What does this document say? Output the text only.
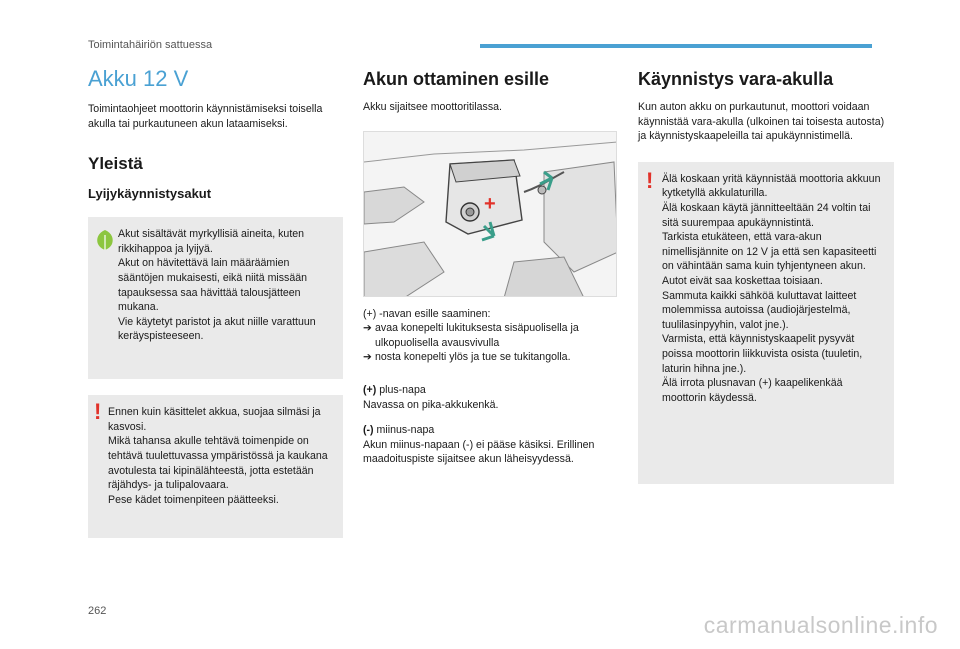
Toimintahäiriön sattuessa
Akku 12 V
Toimintaohjeet moottorin käynnistämiseksi toisella akulla tai purkautuneen akun lataamiseksi.
Yleistä
Lyijykäynnistysakut
Akut sisältävät myrkyllisiä aineita, kuten rikkihappoa ja lyijyä.
Akut on hävitettävä lain määräämien sääntöjen mukaisesti, eikä niitä missään tapauksessa saa hävittää talousjätteen mukana.
Vie käytetyt paristot ja akut niille varattuun keräyspisteeseen.
! Ennen kuin käsittelet akkua, suojaa silmäsi ja kasvosi.
Mikä tahansa akulle tehtävä toimenpide on tehtävä tuulettuvassa ympäristössä ja kaukana avotulesta tai kipinälähteestä, jotta estetään räjähdys- ja tulipalovaara.
Pese kädet toimenpiteen päätteeksi.
Akun ottaminen esille
Akku sijaitsee moottoritilassa.
+
(+) -navan esille saaminen:
➔ avaa konepelti lukituksesta sisäpuolisella ja ulkopuolisella avausvivulla
➔ nosta konepelti ylös ja tue se tukitangolla.
(+) plus-napa
Navassa on pika-akkukenkä.
(-) miinus-napa
Akun miinus-napaan (-) ei pääse käsiksi. Erillinen maadoituspiste sijaitsee akun läheisyydessä.
Käynnistys vara-akulla
Kun auton akku on purkautunut, moottori voidaan käynnistää vara-akulla (ulkoinen tai toisesta autosta) ja käynnistyskaapeleilla tai apukäynnistimellä.
! Älä koskaan yritä käynnistää moottoria akkuun kytketyllä akkulaturilla.
Älä koskaan käytä jännitteeltään 24 voltin tai sitä suurempaa apukäynnistintä.
Tarkista etukäteen, että vara-akun nimellisjännite on 12 V ja että sen kapasiteetti on vähintään sama kuin tyhjentyneen akun.
Autot eivät saa koskettaa toisiaan.
Sammuta kaikki sähköä kuluttavat laitteet molemmissa autoissa (audiojärjestelmä, tuulilasinpyyhin, valot jne.).
Varmista, että käynnistyskaapelit pysyvät poissa moottorin liikkuvista osista (tuuletin, laturin hihna jne.).
Älä irrota plusnavan (+) kaapelikenkää moottorin käydessä.
262
carmanualsonline.info
